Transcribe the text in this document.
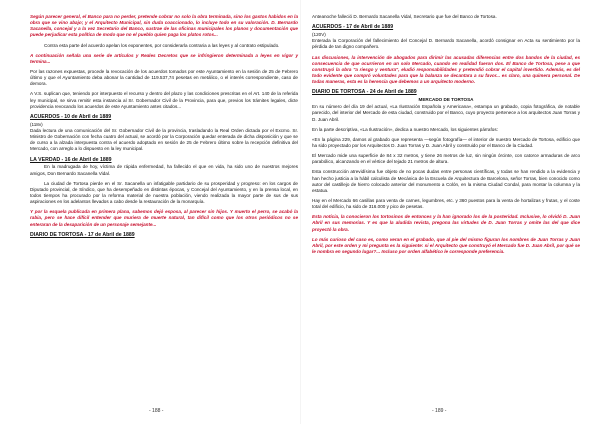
Según parecer general, el Banco para no perder, pretende cobrar no solo la obra terminada, sino los gastos habidos en la obra que se vino abajo; y el Arquitecto Municipal, sin duda coaccionado, lo incluye todo en su valoración. D. Bernardo Sacanella, concejal y a la vez Secretario del Banco, sustrae de las oficinas municipales los planos y documentación que puede perjudicar esta política de modo que no el pueblo quien paga los platos rotos...

Contra esta parte del acuerdo apelan los exponentes, por considerarla contraria a las leyes y al contrato estipulado.

A continuación señala una serie de artículos y Reales Decretos que se infringieron determinada a leyes en vigor y termina...

Por las razones expuestas, procede la revocación de los acuerdos tomados por este Ayuntamiento en la sesión de 25 de Febrero último y que el Ayuntamiento deba abonar la cantidad de 119.537,74 pesetas en metálico, o el interés correspondiente, caso de demora.

A V.S. suplican que, teniendo por interpuesto el recurso y dentro del plazo y las condiciones prescritas en el Art. 140 de la referida ley municipal, se sirva remitir esta instancia al Sr. Gobernador Civil de la Provincia, para que, previos los trámites legales, dicte providencia revocando los acuerdos de este Ayuntamiento antes citados...

ACUERDOS - 10 de Abril de 1889

(118v)

Dada lectura de una comunicación del Sr. Gobernador Civil de la provincia, trasladando la Real Orden dictada por el Excmo. Sr. Ministro de Gobernación con fecha cuatro del actual, se acordó por la Corporación quedar enterada de dicha disposición y que se de curso a la alzada interpuesta contra el acuerdo adoptado en sesión de 25 de Febrero último sobre la recepción definitiva del Mercado, con arreglo a lo dispuesto en la ley municipal.

LA VERDAD - 16 de Abril de 1889

En la madrugada de hoy, víctima de rápida enfermedad, ha fallecido el que en vida, ha sido uno de nuestros mejores amigos, Don Bernardo Sacanella Vidal.

La ciudad de Tortosa pierde en el Sr. Sacanella un infatigable partidario de su prosperidad y progreso: en los cargos de Diputado provincial, de Síndico, que ha desempeñado en distintas épocas, y Concejal del Ayuntamiento, y en la prensa local, en todos tiempos ha procurado por la reforma material de nuestra población, viendo realizada la mayor parte de sus de sus aspiraciones en los adelantos llevados a cabo desde la restauración de la monarquía.

Y por la esquela publicada en primera plana, sabemos dejó esposa, al parecer sin hijos. Y muerto el perro, se acabó la rabia, pero se hace difícil entender que muriera de muerte natural, tan difícil como que los otros periódicos no se enteraran de la desaparición de un personaje semejante...

DIARIO DE TORTOSA - 17 de Abril de 1889

Anteanoche falleció D. Bernardo Sacanella Vidal, Secretario que fue del Banco de Tortosa.

ACUERDOS - 17 de Abril de 1889

(120V)

Enterada la Corporación del fallecimiento del Concejal D. Bernardo Sacanella, acordó consignar en Acta su sentimiento por la pérdida de tan digno compañero.

Las discusiones, la intervención de abogados para dirimir las acusadas diferencias entre dos bandos de la ciudad, es consecuencia de que ocurrieron en un solo Mercado, cuando en realidad fueron dos. El Banco de Tortosa, pese a que construyó la obra "a riesgo y ventura", eludió responsabilidades y pretendió cobrar el capital invertido. Además, es del todo evidente que compró voluntades para que la balanza se decantara a su favor... es claro, una quimera personal. De todas maneras, esta es la herencia que debemos a un arquitecto moderno.

DIARIO DE TORTOSA - 24 de Abril de 1889

MERCADO DE TORTOSA

En su número del día 19 del actual, «La Ilustración Española y Americana», estampa un grabado, copia fotográfica, de notable parecido, del interior del Mercado de esta ciudad, construido por el Banco, cuyo proyecto pertenece a los arquitectos Juan Torras y D. Juan Abril.

En la parte descriptiva, «La Ilustración», dedica a nuestro Mercado, los siguientes párrafos:

«En la página 229, damos al grabado que representa —según fotografía— el interior de nuestro Mercado de Tortosa, edificio que ha sido proyectado por los Arquitectos D. Juan Torras y D. Juan Abril y construido por el Banco de la Ciudad.

El Mercado mide una superficie de 84 x 32 metros, y tiene 26 metros de luz, sin ningún órcinte, con catorce armaduras de arco parabólico, alcanzando en el vértice del tejado 21 metros de altura.

Esta construcción atrevidísima fue objeto de no pocas dudas entre personas científicas, y todas se han rendido a la evidencia y han hecho justicia a la hábil calculista de Mecánica de la Escuela de Arquitectura de Barcelona, señor Torras, bien conocido como autor del castillejo de hierro colocado anterior del monumento a Colón, en la misma Ciudad Condal, para montar la columna y la estatua.

Hay en el Mercado 66 casillas para venta de carnes, legumbres, etc. y 360 puestos para la venta de hortalizas y frutas, y el coste total del edificio, ha sido de 316.000 y pico de pesetas.

Esta noticia, la conocieron los tortosinos de entonces y la han ignorado los de la posteridad. Inclusive, lo olvidó D. Juan Abril en sus memorias. Y es que la aludida revista, pregona las virtudes de D. Juan Torras y omite las del que dice proyectó la obra.

Lo más curioso del caso es, como veran en el grabado, que al pie del mismo figuran los nombres de Juan Torras y Juan Abril, por este orden y mi pregunta es la siguiente: si el Arquitecto que construyó el Mercado fue D. Juan Abril, por qué se le nombra en segundo lugar?... Incluso por orden alfabético le corresponde preferencia.

- 188 -	- 189 -
